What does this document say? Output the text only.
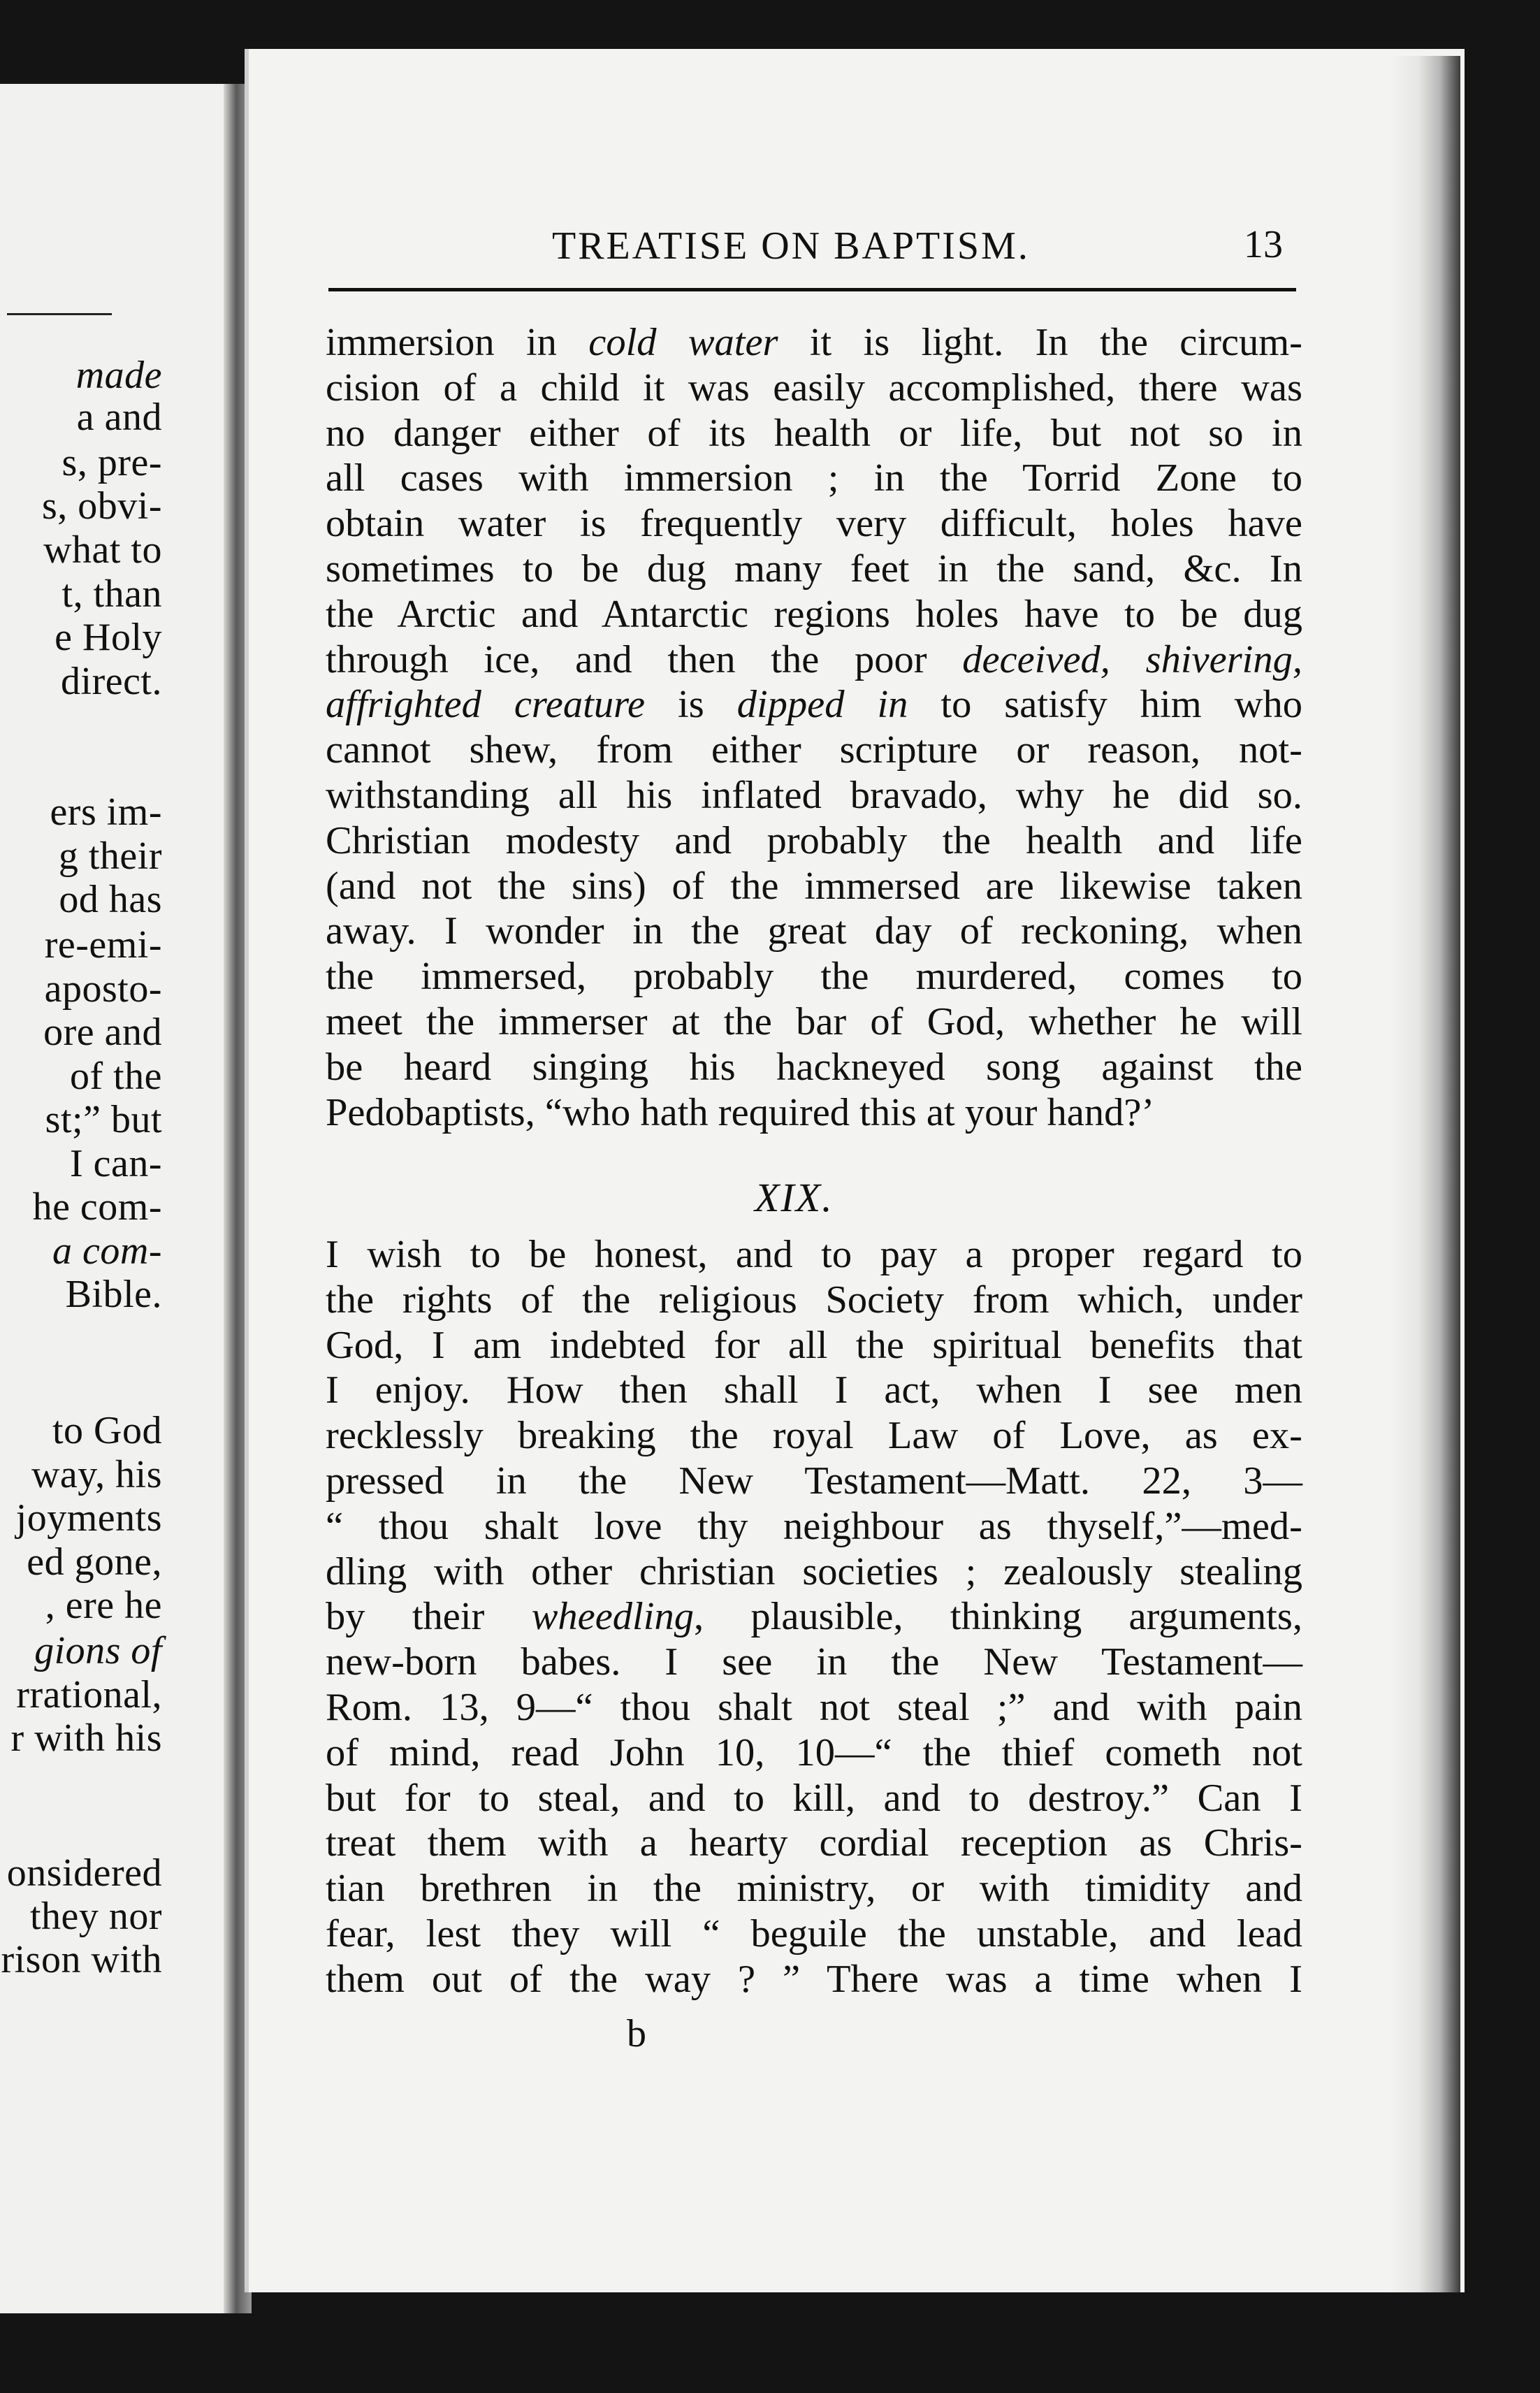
made
a and
s, pre-
s, obvi-
what to
t, than
e Holy
direct.
ers im-
g their
od has
re-emi-
aposto-
ore and
of the
st;” but
I can-
he com-
a com-
Bible.
to God
way, his
joyments
ed gone,
, ere he
gions of
rrational,
r with his
onsidered
they nor
rison with
TREATISE ON BAPTISM.	13
immersion in cold water it is light. In the circum-
cision of a child it was easily accomplished, there was
no danger either of its health or life, but not so in
all cases with immersion ; in the Torrid Zone to
obtain water is frequently very difficult, holes have
sometimes to be dug many feet in the sand, &c. In
the Arctic and Antarctic regions holes have to be dug
through ice, and then the poor deceived, shivering,
affrighted creature is dipped in to satisfy him who
cannot shew, from either scripture or reason, not-
withstanding all his inflated bravado, why he did so.
Christian modesty and probably the health and life
(and not the sins) of the immersed are likewise taken
away. I wonder in the great day of reckoning, when
the immersed, probably the murdered, comes to
meet the immerser at the bar of God, whether he will
be heard singing his hackneyed song against the
Pedobaptists, “who hath required this at your hand?’
XIX.
I wish to be honest, and to pay a proper regard to
the rights of the religious Society from which, under
God, I am indebted for all the spiritual benefits that
I enjoy. How then shall I act, when I see men
recklessly breaking the royal Law of Love, as ex-
pressed in the New Testament—Matt. 22, 3—
“ thou shalt love thy neighbour as thyself,”—med-
dling with other christian societies ; zealously stealing
by their wheedling, plausible, thinking arguments,
new-born babes. I see in the New Testament—
Rom. 13, 9—“ thou shalt not steal ;” and with pain
of mind, read John 10, 10—“ the thief cometh not
but for to steal, and to kill, and to destroy.” Can I
treat them with a hearty cordial reception as Chris-
tian brethren in the ministry, or with timidity and
fear, lest they will “ beguile the unstable, and lead
them out of the way ? ” There was a time when I
b
